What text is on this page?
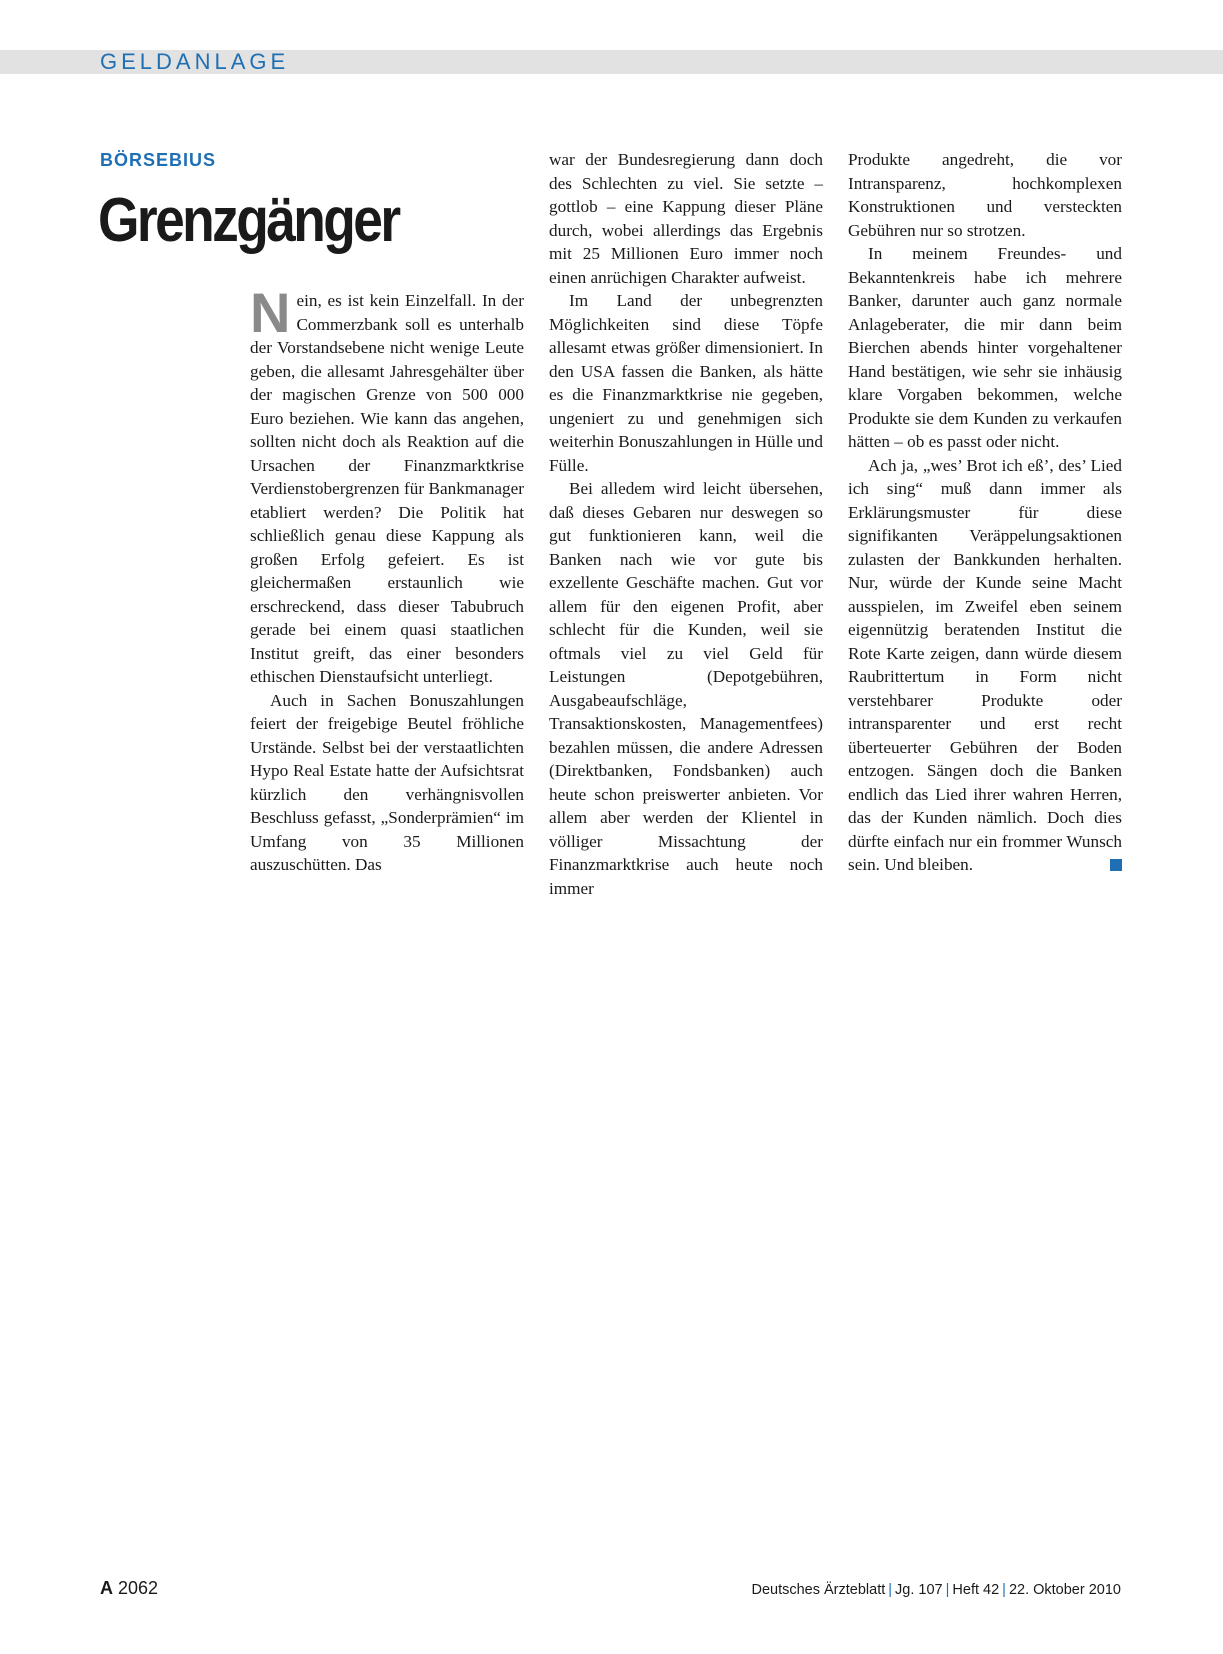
GELDANLAGE
BÖRSEBIUS
Grenzgänger

Nein, es ist kein Einzelfall. In der Commerzbank soll es unterhalb der Vorstandsebene nicht wenige Leute geben, die allesamt Jahresgehälter über der magischen Grenze von 500 000 Euro beziehen. Wie kann das angehen, sollten nicht doch als Reaktion auf die Ursachen der Finanzmarktkrise Verdienstobergrenzen für Bankmanager etabliert werden? Die Politik hat schließlich genau diese Kappung als großen Erfolg gefeiert. Es ist gleichermaßen erstaunlich wie erschreckend, dass dieser Tabubruch gerade bei einem quasi staatlichen Institut greift, das einer besonders ethischen Dienstaufsicht unterliegt.

Auch in Sachen Bonuszahlungen feiert der freigebige Beutel fröhliche Urstände. Selbst bei der verstaatlichten Hypo Real Estate hatte der Aufsichtsrat kürzlich den verhängnisvollen Beschluss gefasst, „Sonderprämien“ im Umfang von 35 Millionen auszuschütten. Das

war der Bundesregierung dann doch des Schlechten zu viel. Sie setzte – gottlob – eine Kappung dieser Pläne durch, wobei allerdings das Ergebnis mit 25 Millionen Euro immer noch einen anrüchigen Charakter aufweist.

Im Land der unbegrenzten Möglichkeiten sind diese Töpfe allesamt etwas größer dimensioniert. In den USA fassen die Banken, als hätte es die Finanzmarktkrise nie gegeben, ungeniert zu und genehmigen sich weiterhin Bonuszahlungen in Hülle und Fülle.

Bei alledem wird leicht übersehen, daß dieses Gebaren nur deswegen so gut funktionieren kann, weil die Banken nach wie vor gute bis exzellente Geschäfte machen. Gut vor allem für den eigenen Profit, aber schlecht für die Kunden, weil sie oftmals viel zu viel Geld für Leistungen (Depotgebühren, Ausgabeaufschläge, Transaktionskosten, Managementfees) bezahlen müssen, die andere Adressen (Direktbanken, Fondsbanken) auch heute schon preiswerter anbieten. Vor allem aber werden der Klientel in völliger Missachtung der Finanzmarktkrise auch heute noch immer

Produkte angedreht, die vor Intransparenz, hochkomplexen Konstruktionen und versteckten Gebühren nur so strotzen.

In meinem Freundes- und Bekanntenkreis habe ich mehrere Banker, darunter auch ganz normale Anlageberater, die mir dann beim Bierchen abends hinter vorgehaltener Hand bestätigen, wie sehr sie inhäusig klare Vorgaben bekommen, welche Produkte sie dem Kunden zu verkaufen hätten – ob es passt oder nicht.

Ach ja, „wes’ Brot ich eß’, des’ Lied ich sing“ muß dann immer als Erklärungsmuster für diese signifikanten Veräppelungsaktionen zulasten der Bankkunden herhalten. Nur, würde der Kunde seine Macht ausspielen, im Zweifel eben seinem eigennützig beratenden Institut die Rote Karte zeigen, dann würde diesem Raubrittertum in Form nicht verstehbarer Produkte oder intransparenter und erst recht überteuerter Gebühren der Boden entzogen. Sängen doch die Banken endlich das Lied ihrer wahren Herren, das der Kunden nämlich. Doch dies dürfte einfach nur ein frommer Wunsch sein. Und bleiben.

A 2062	Deutsches Ärzteblatt | Jg. 107 | Heft 42 | 22. Oktober 2010
